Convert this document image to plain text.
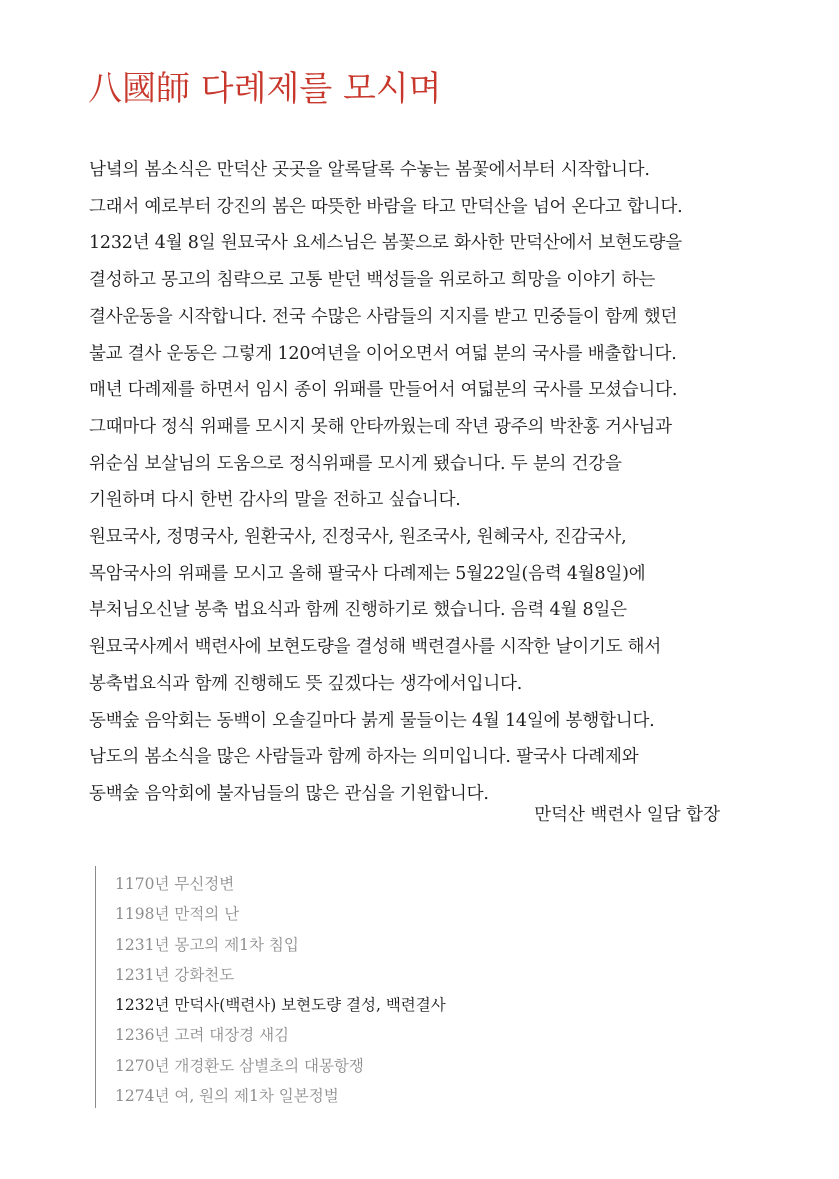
八國師 다례제를 모시며
남녘의 봄소식은 만덕산 곳곳을 알록달록 수놓는 봄꽃에서부터 시작합니다.
그래서 예로부터 강진의 봄은 따뜻한 바람을 타고 만덕산을 넘어 온다고 합니다.
1232년 4월 8일 원묘국사 요세스님은 봄꽃으로 화사한 만덕산에서 보현도량을
결성하고 몽고의 침략으로 고통 받던 백성들을 위로하고 희망을 이야기 하는
결사운동을 시작합니다. 전국 수많은 사람들의 지지를 받고 민중들이 함께 했던
불교 결사 운동은 그렇게 120여년을 이어오면서 여덟 분의 국사를 배출합니다.
매년 다례제를 하면서 임시 종이 위패를 만들어서 여덟분의 국사를 모셨습니다.
그때마다 정식 위패를 모시지 못해 안타까웠는데 작년 광주의 박찬홍 거사님과
위순심 보살님의 도움으로 정식위패를 모시게 됐습니다. 두 분의 건강을
기원하며 다시 한번 감사의 말을 전하고 싶습니다.
원묘국사, 정명국사, 원환국사, 진정국사, 원조국사, 원혜국사, 진감국사,
목암국사의 위패를 모시고 올해 팔국사 다례제는 5월22일(음력 4월8일)에
부처님오신날 봉축 법요식과 함께 진행하기로 했습니다. 음력 4월 8일은
원묘국사께서 백련사에 보현도량을 결성해 백련결사를 시작한 날이기도 해서
봉축법요식과 함께 진행해도 뜻 깊겠다는 생각에서입니다.
동백숲 음악회는 동백이 오솔길마다 붉게 물들이는 4월 14일에 봉행합니다.
남도의 봄소식을 많은 사람들과 함께 하자는 의미입니다. 팔국사 다례제와
동백숲 음악회에 불자님들의 많은 관심을 기원합니다.
만덕산 백련사 일담 합장
1170년 무신정변
1198년 만적의 난
1231년 몽고의 제1차 침입
1231년 강화천도
1232년 만덕사(백련사) 보현도량 결성, 백련결사
1236년 고려 대장경 새김
1270년 개경환도 삼별초의 대몽항쟁
1274년 여, 원의 제1차 일본정벌
